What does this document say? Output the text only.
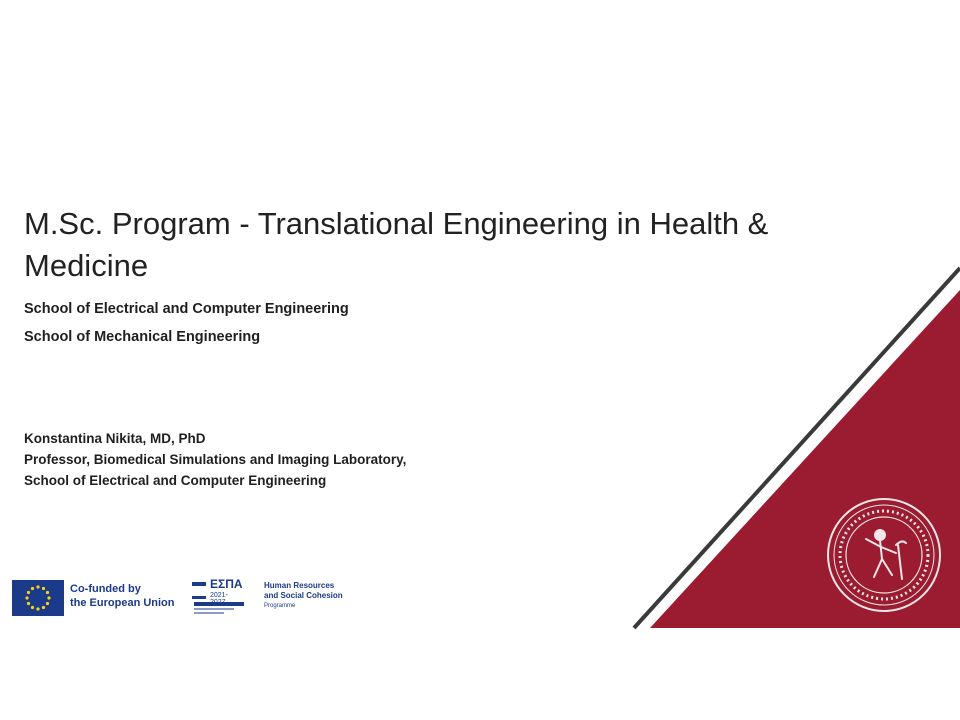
M.Sc. Program - Translational Engineering in Health &
Medicine
School of Electrical and Computer Engineering
School of Mechanical Engineering
Konstantina Nikita, MD, PhD
Professor, Biomedical Simulations and Imaging Laboratory,
School of Electrical and Computer Engineering
Co-funded by
the European Union
ΕΣΠΑ
2021-2027
Human Resources
and Social Cohesion
Programme
